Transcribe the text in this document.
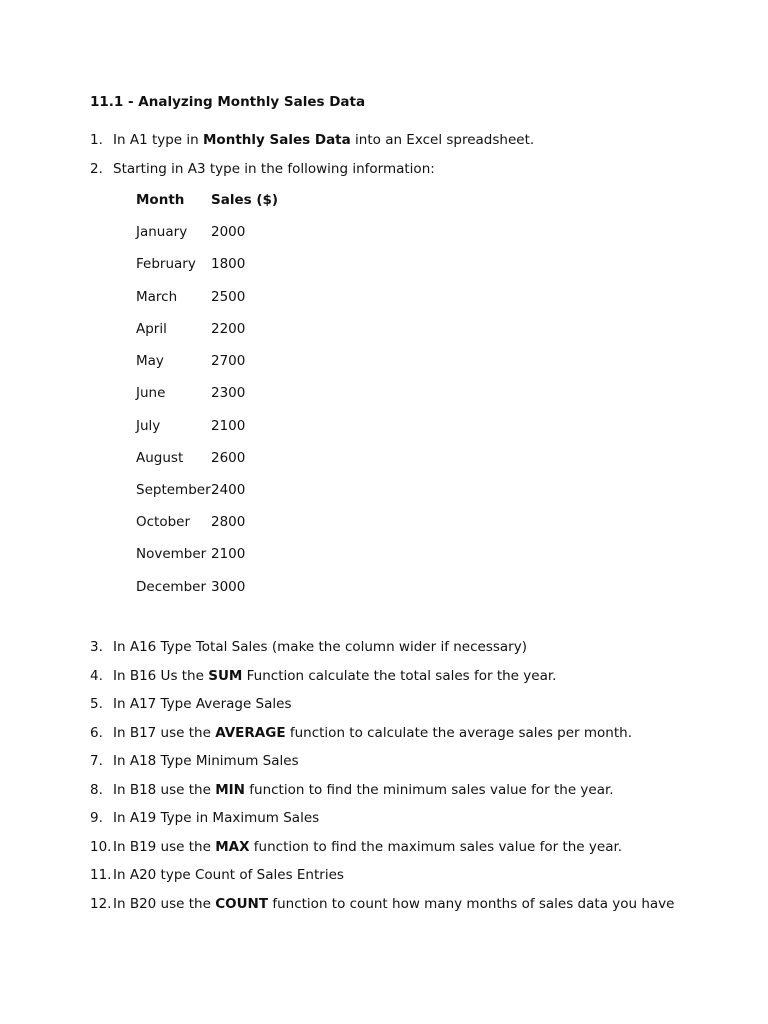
11.1 - Analyzing Monthly Sales Data
1. In A1 type in Monthly Sales Data into an Excel spreadsheet.
2. Starting in A3 type in the following information:
Month Sales ($)
January 2000
February 1800
March	2500
April	2200
May	2700
June	2300
July	2100
August 2600
September 2400
October 2800
November 2100
December 3000
3. In A16 Type Total Sales (make the column wider if necessary)
4. In B16 Us the SUM Function calculate the total sales for the year.
5. In A17 Type Average Sales
6. In B17 use the AVERAGE function to calculate the average sales per month.
7. In A18 Type Minimum Sales
8. In B18 use the MIN function to find the minimum sales value for the year.
9. In A19 Type in Maximum Sales
10. In B19 use the MAX function to find the maximum sales value for the year.
11. In A20 type Count of Sales Entries
12. In B20 use the COUNT function to count how many months of sales data you have
